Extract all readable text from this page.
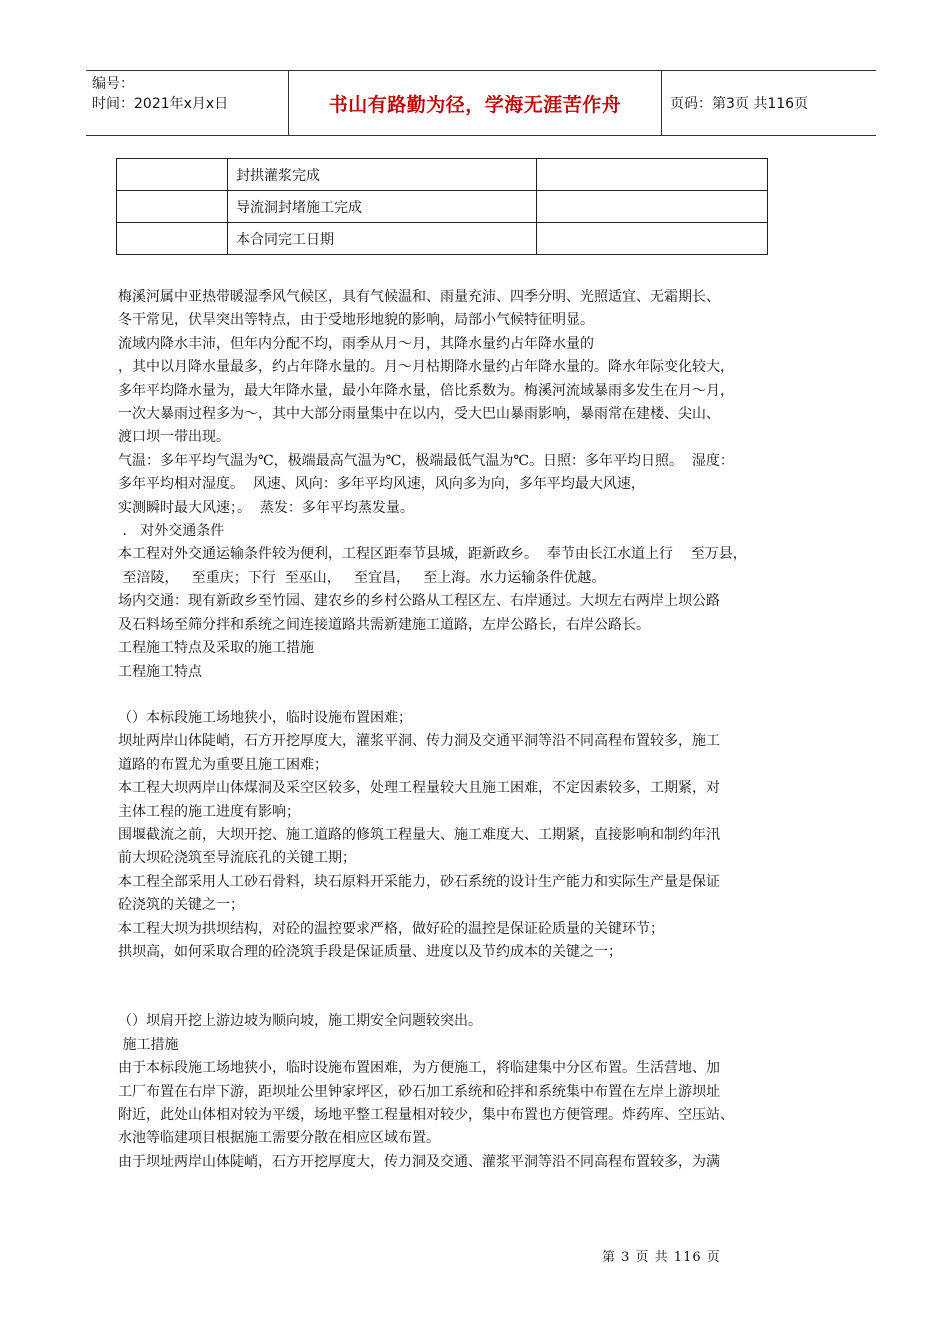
编号：
时间：2021年x月x日	书山有路勤为径，学海无涯苦作舟	页码：第3页 共116页
	封拱灌浆完成	
	导流洞封堵施工完成	
	本合同完工日期	

梅溪河属中亚热带暖湿季风气候区，具有气候温和、雨量充沛、四季分明、光照适宜、无霜期长、

冬干常见，伏旱突出等特点，由于受地形地貌的影响，局部小气候特征明显。

流域内降水丰沛，但年内分配不均，雨季从月～月，其降水量约占年降水量的

，其中以月降水量最多，约占年降水量的。月～月枯期降水量约占年降水量的。降水年际变化较大，

多年平均降水量为，最大年降水量，最小年降水量，倍比系数为。梅溪河流域暴雨多发生在月～月，

一次大暴雨过程多为～，其中大部分雨量集中在以内，受大巴山暴雨影响，暴雨常在建楼、尖山、

渡口坝一带出现。

气温：多年平均气温为℃，极端最高气温为℃，极端最低气温为℃。日照：多年平均日照。  湿度：

多年平均相对湿度。  风速、风向：多年平均风速，风向多为向，多年平均最大风速，

实测瞬时最大风速；。  蒸发：多年平均蒸发量。

.   对外交通条件

本工程对外交通运输条件较为便利，工程区距奉节县城，距新政乡。  奉节由长江水道上行    至万县，

至涪陵，   至重庆；下行  至巫山，   至宜昌，   至上海。水力运输条件优越。

场内交通：现有新政乡至竹园、建农乡的乡村公路从工程区左、右岸通过。大坝左右两岸上坝公路

及石料场至筛分拌和系统之间连接道路共需新建施工道路，左岸公路长，右岸公路长。

工程施工特点及采取的施工措施

工程施工特点

（）本标段施工场地狭小，临时设施布置困难；

坝址两岸山体陡峭，石方开挖厚度大，灌浆平洞、传力洞及交通平洞等沿不同高程布置较多，施工

道路的布置尤为重要且施工困难；

本工程大坝两岸山体煤洞及采空区较多，处理工程量较大且施工困难，不定因素较多，工期紧，对

主体工程的施工进度有影响；

围堰截流之前，大坝开挖、施工道路的修筑工程量大、施工难度大、工期紧，直接影响和制约年汛

前大坝砼浇筑至导流底孔的关键工期；

本工程全部采用人工砂石骨料，块石原料开采能力，砂石系统的设计生产能力和实际生产量是保证

砼浇筑的关键之一；

本工程大坝为拱坝结构，对砼的温控要求严格，做好砼的温控是保证砼质量的关键环节；

拱坝高，如何采取合理的砼浇筑手段是保证质量、进度以及节约成本的关键之一；

（）坝肩开挖上游边坡为顺向坡，施工期安全问题较突出。

施工措施

由于本标段施工场地狭小，临时设施布置困难，为方便施工，将临建集中分区布置。生活营地、加

工厂布置在右岸下游，距坝址公里钟家坪区，砂石加工系统和砼拌和系统集中布置在左岸上游坝址

附近，此处山体相对较为平缓，场地平整工程量相对较少，集中布置也方便管理。炸药库、空压站、

水池等临建项目根据施工需要分散在相应区域布置。

由于坝址两岸山体陡峭，石方开挖厚度大，传力洞及交通、灌浆平洞等沿不同高程布置较多，为满

第 3 页 共 116 页
